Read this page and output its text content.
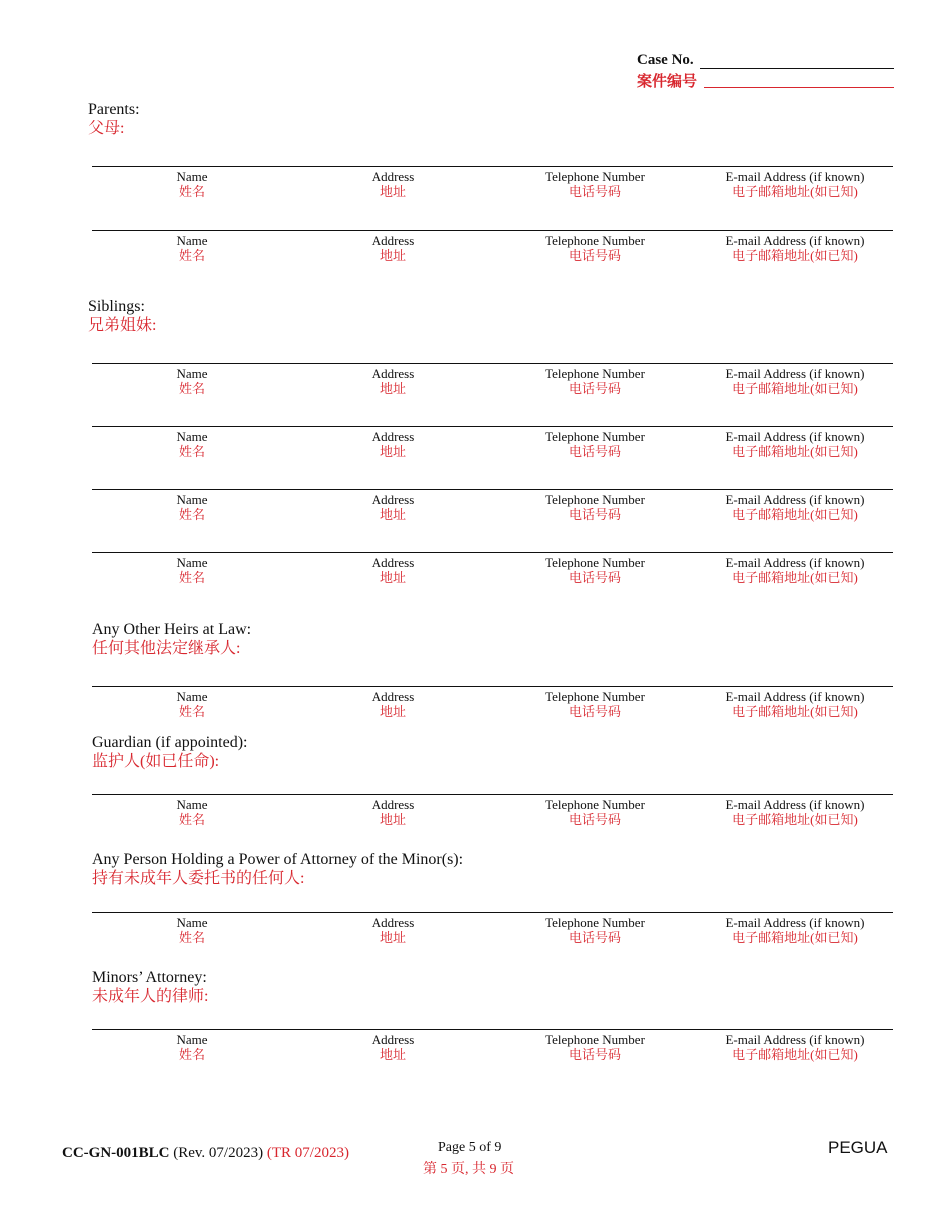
Case No.
案件编号
Parents:
父母:
Name
姓名
Address
地址
Telephone Number
电话号码
E-mail Address (if known)
电子邮箱地址(如已知)
Name
姓名
Address
地址
Telephone Number
电话号码
E-mail Address (if known)
电子邮箱地址(如已知)
Siblings:
兄弟姐妹:
Name
姓名
Address
地址
Telephone Number
电话号码
E-mail Address (if known)
电子邮箱地址(如已知)
Name
姓名
Address
地址
Telephone Number
电话号码
E-mail Address (if known)
电子邮箱地址(如已知)
Name
姓名
Address
地址
Telephone Number
电话号码
E-mail Address (if known)
电子邮箱地址(如已知)
Name
姓名
Address
地址
Telephone Number
电话号码
E-mail Address (if known)
电子邮箱地址(如已知)
Any Other Heirs at Law:
任何其他法定继承人:
Name
姓名
Address
地址
Telephone Number
电话号码
E-mail Address (if known)
电子邮箱地址(如已知)
Guardian (if appointed):
监护人(如已任命):
Name
姓名
Address
地址
Telephone Number
电话号码
E-mail Address (if known)
电子邮箱地址(如已知)
Any Person Holding a Power of Attorney of the Minor(s):
持有未成年人委托书的任何人:
Name
姓名
Address
地址
Telephone Number
电话号码
E-mail Address (if known)
电子邮箱地址(如已知)
Minors’ Attorney:
未成年人的律师:
Name
姓名
Address
地址
Telephone Number
电话号码
E-mail Address (if known)
电子邮箱地址(如已知)
CC-GN-001BLC (Rev. 07/2023) (TR 07/2023)	Page 5 of 9
第 5 页, 共 9 页
PEGUA
